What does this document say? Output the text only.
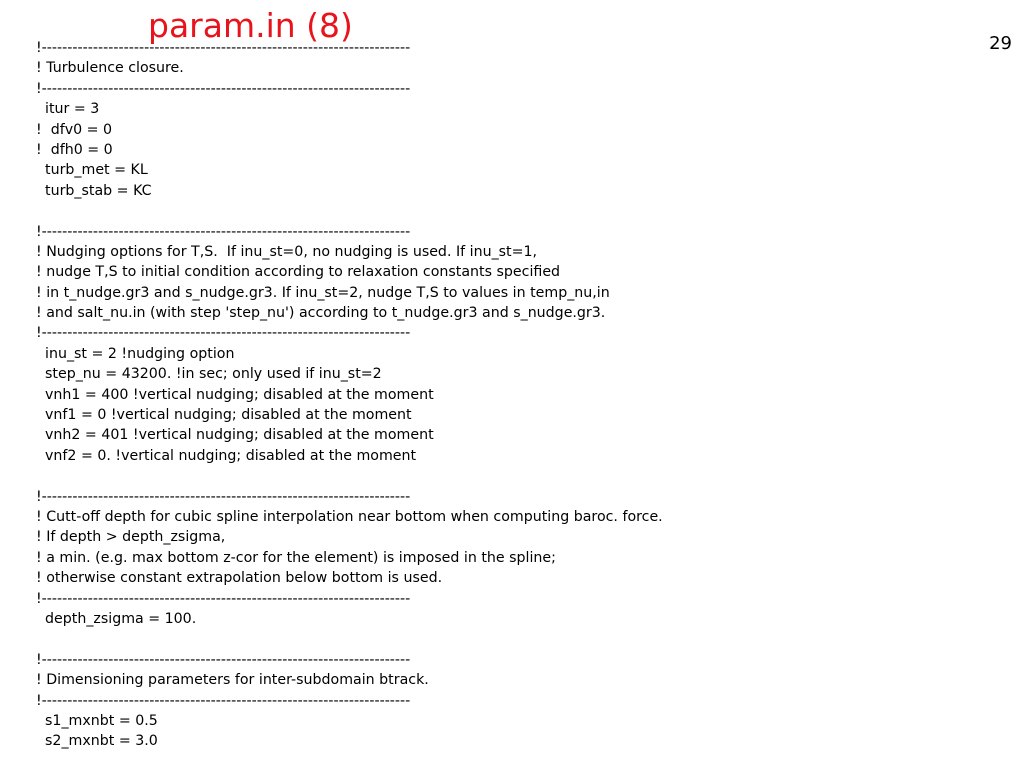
param.in (8)	29
!------------------------------------------------------------------------
! Turbulence closure.
!------------------------------------------------------------------------
itur = 3
!  dfv0 = 0
!  dfh0 = 0
turb_met = KL
turb_stab = KC
!------------------------------------------------------------------------
! Nudging options for T,S.  If inu_st=0, no nudging is used. If inu_st=1,
! nudge T,S to initial condition according to relaxation constants specified
! in t_nudge.gr3 and s_nudge.gr3. If inu_st=2, nudge T,S to values in temp_nu,in
! and salt_nu.in (with step 'step_nu') according to t_nudge.gr3 and s_nudge.gr3.
!------------------------------------------------------------------------
inu_st = 2 !nudging option
step_nu = 43200. !in sec; only used if inu_st=2
vnh1 = 400 !vertical nudging; disabled at the moment
vnf1 = 0 !vertical nudging; disabled at the moment
vnh2 = 401 !vertical nudging; disabled at the moment
vnf2 = 0. !vertical nudging; disabled at the moment
!------------------------------------------------------------------------
! Cutt-off depth for cubic spline interpolation near bottom when computing baroc. force.
! If depth > depth_zsigma,
! a min. (e.g. max bottom z-cor for the element) is imposed in the spline;
! otherwise constant extrapolation below bottom is used.
!------------------------------------------------------------------------
depth_zsigma = 100.
!------------------------------------------------------------------------
! Dimensioning parameters for inter-subdomain btrack.
!------------------------------------------------------------------------
s1_mxnbt = 0.5
s2_mxnbt = 3.0
